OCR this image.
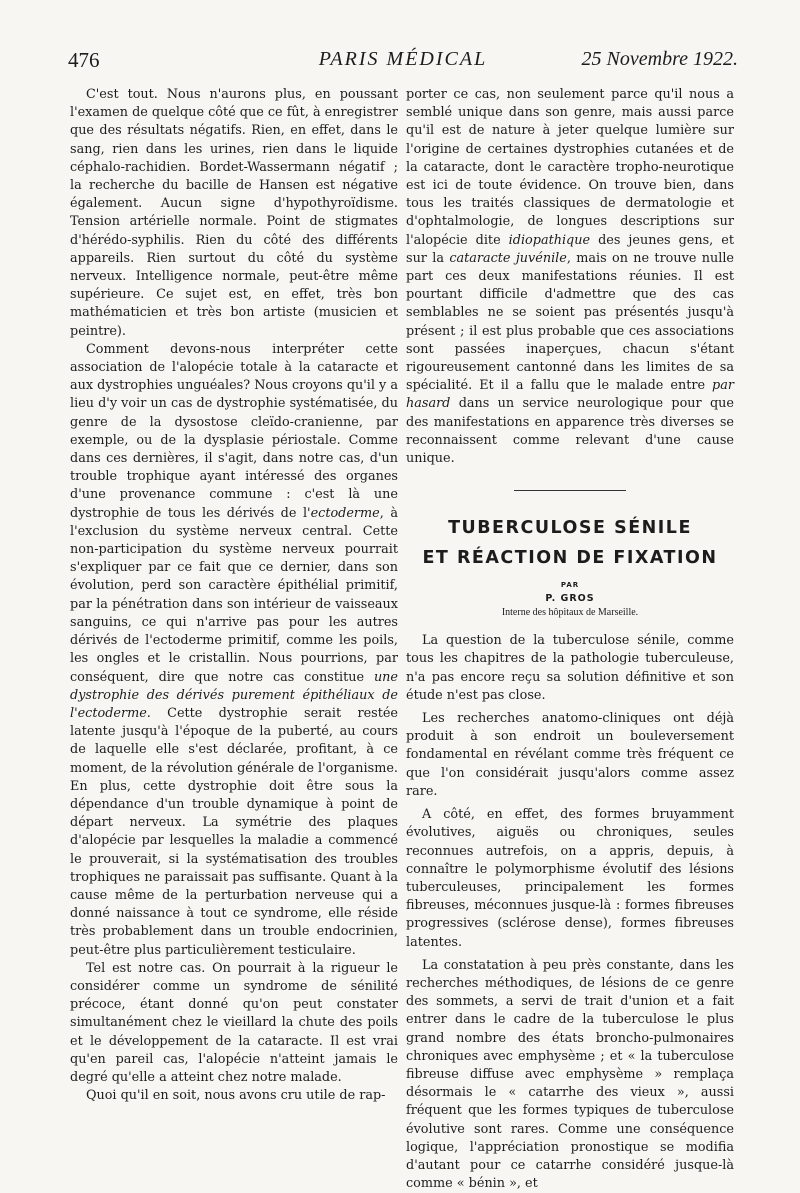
476	PARIS MÉDICAL	25 Novembre 1922.

C'est tout. Nous n'aurons plus, en poussant l'examen de quelque côté que ce fût, à enregistrer que des résultats négatifs. Rien, en effet, dans le sang, rien dans les urines, rien dans le liquide céphalo-rachidien. Bordet-Wassermann négatif ; la recherche du bacille de Hansen est négative également. Aucun signe d'hypothyroïdisme. Tension artérielle normale. Point de stigmates d'hérédo-syphilis. Rien du côté des différents appareils. Rien surtout du côté du système nerveux. Intelligence normale, peut-être même supérieure. Ce sujet est, en effet, très bon mathématicien et très bon artiste (musicien et peintre).

Comment devons-nous interpréter cette association de l'alopécie totale à la cataracte et aux dystrophies unguéales? Nous croyons qu'il y a lieu d'y voir un cas de dystrophie systématisée, du genre de la dysostose cleïdo-cranienne, par exemple, ou de la dysplasie périostale. Comme dans ces dernières, il s'agit, dans notre cas, d'un trouble trophique ayant intéressé des organes d'une provenance commune : c'est là une dystrophie de tous les dérivés de l'ectoderme, à l'exclusion du système nerveux central. Cette non-participation du système nerveux pourrait s'expliquer par ce fait que ce dernier, dans son évolution, perd son caractère épithélial primitif, par la pénétration dans son intérieur de vaisseaux sanguins, ce qui n'arrive pas pour les autres dérivés de l'ectoderme primitif, comme les poils, les ongles et le cristallin. Nous pourrions, par conséquent, dire que notre cas constitue une dystrophie des dérivés purement épithéliaux de l'ectoderme. Cette dystrophie serait restée latente jusqu'à l'époque de la puberté, au cours de laquelle elle s'est déclarée, profitant, à ce moment, de la révolution générale de l'organisme. En plus, cette dystrophie doit être sous la dépendance d'un trouble dynamique à point de départ nerveux. La symétrie des plaques d'alopécie par lesquelles la maladie a commencé le prouverait, si la systématisation des troubles trophiques ne paraissait pas suffisante. Quant à la cause même de la perturbation nerveuse qui a donné naissance à tout ce syndrome, elle réside très probablement dans un trouble endocrinien, peut-être plus particulièrement testiculaire.

Tel est notre cas. On pourrait à la rigueur le considérer comme un syndrome de sénilité précoce, étant donné qu'on peut constater simultanément chez le vieillard la chute des poils et le développement de la cataracte. Il est vrai qu'en pareil cas, l'alopécie n'atteint jamais le degré qu'elle a atteint chez notre malade.

Quoi qu'il en soit, nous avons cru utile de rap-

porter ce cas, non seulement parce qu'il nous a semblé unique dans son genre, mais aussi parce qu'il est de nature à jeter quelque lumière sur l'origine de certaines dystrophies cutanées et de la cataracte, dont le caractère tropho-neurotique est ici de toute évidence. On trouve bien, dans tous les traités classiques de dermatologie et d'ophtalmologie, de longues descriptions sur l'alopécie dite idiopathique des jeunes gens, et sur la cataracte juvénile, mais on ne trouve nulle part ces deux manifestations réunies. Il est pourtant difficile d'admettre que des cas semblables ne se soient pas présentés jusqu'à présent ; il est plus probable que ces associations sont passées inaperçues, chacun s'étant rigoureusement cantonné dans les limites de sa spécialité. Et il a fallu que le malade entre par hasard dans un service neurologique pour que des manifestations en apparence très diverses se reconnaissent comme relevant d'une cause unique.

TUBERCULOSE SÉNILE
ET RÉACTION DE FIXATION
PAR
P. GROS
Interne des hôpitaux de Marseille.

La question de la tuberculose sénile, comme tous les chapitres de la pathologie tuberculeuse, n'a pas encore reçu sa solution définitive et son étude n'est pas close.

Les recherches anatomo-cliniques ont déjà produit à son endroit un bouleversement fondamental en révélant comme très fréquent ce que l'on considérait jusqu'alors comme assez rare.

A côté, en effet, des formes bruyamment évolutives, aiguës ou chroniques, seules reconnues autrefois, on a appris, depuis, à connaître le polymorphisme évolutif des lésions tuberculeuses, principalement les formes fibreuses, méconnues jusque-là : formes fibreuses progressives (sclérose dense), formes fibreuses latentes.

La constatation à peu près constante, dans les recherches méthodiques, de lésions de ce genre des sommets, a servi de trait d'union et a fait entrer dans le cadre de la tuberculose le plus grand nombre des états broncho-pulmonaires chroniques avec emphysème ; et « la tuberculose fibreuse diffuse avec emphysème » remplaça désormais le « catarrhe des vieux », aussi fréquent que les formes typiques de tuberculose évolutive sont rares. Comme une conséquence logique, l'appréciation pronostique se modifia d'autant pour ce catarrhe considéré jusque-là comme « bénin », et
